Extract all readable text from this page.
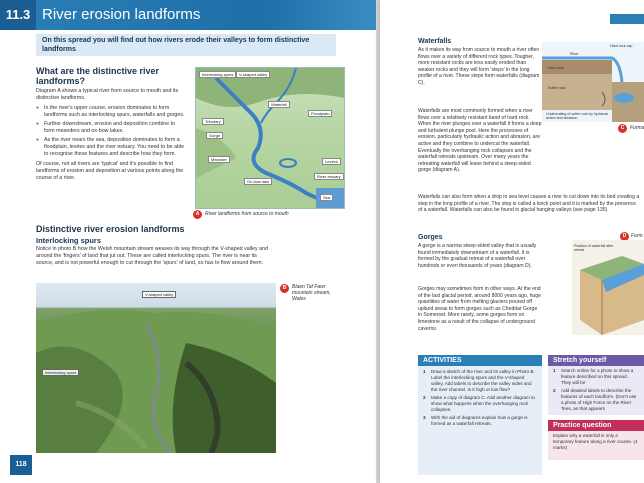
11.3 River erosion landforms
On this spread you will find out how rivers erode their valleys to form distinctive landforms
What are the distinctive river landforms?
Diagram A shows a typical river from source to mouth and its distinctive landforms.
● In the river's upper course, erosion dominates to form landforms such as interlocking spurs, waterfalls and gorges.
● Further downstream, erosion and deposition combine to form meanders and ox-bow lakes.
● As the river nears the sea, deposition dominates to form a floodplain, levées and the river estuary. You need to be able to recognise these features and describe how they form.
Of course, not all rivers are 'typical' and it's possible to find landforms of erosion and deposition at various points along the course of a river.
Interlocking spurs	V-shaped valley
Waterfall
Floodplain
Tributary
Gorge
Meander	Levées
Ox-bow lake
River estuary
Sea
A	River landforms from source to mouth
Distinctive river erosion landforms
Interlocking spurs
Notice in photo B how the Welsh mountain stream weaves its way through the V-shaped valley and around the 'fingers' of land that jut out. These are called interlocking spurs. The river is near its source, and is not powerful enough to cut through the 'spurs' of land, so has to flow around them.
V-shaped valley
Interlocking spurs
B	Blaen Taf Fawr mountain stream, Wales
118
Waterfalls
As it makes its way from source to mouth a river often flows over a variety of different rock types. Tougher, more resistant rocks are less easily eroded than weaker rocks and they will form 'steps' in the long profile of a river. These steps form waterfalls (diagram C).
Waterfalls are most commonly formed when a river flows over a relatively resistant band of hard rock. When the river plunges over a waterfall it forms a deep and turbulent plunge pool. Here the processes of erosion, particularly hydraulic action and abrasion, are active and they combine to undercut the waterfall. Eventually the overhanging rock collapses and the waterfall retreats upstream. Over many years the retreating waterfall will leave behind a steep-sided gorge (diagram A).
Waterfalls can also form when a drop in sea level causes a river to cut down into its bed creating a step in the long profile of a river. The step is called a knick point and it is marked by the presence of a waterfall. Waterfalls can also be found in glacial hanging valleys (see page 135).
Hard rock cap
River
Hard rock
Softer rock
Undercutting of softer rock by hydraulic action and abrasion
C	Forma
Gorges
A gorge is a narrow steep-sided valley that is usually found immediately downstream of a waterfall. It is formed by the gradual retreat of a waterfall over hundreds or even thousands of years (diagram D).
Gorges may sometimes form in other ways. At the end of the last glacial period, around 8000 years ago, huge quantities of water from melting glaciers poured off upland areas to form gorges such as Cheddar Gorge in Somerset. More rarely, some gorges form on limestone as a result of the collapse of underground caverns.
D Form
Position of waterfall after retreat
ACTIVITIES
1 Draw a sketch of the river and its valley in Photo B. Label the interlocking spurs and the V-shaped valley. Add labels to describe the valley sides and the river channel. Is it high or low flow?
2 Make a copy of diagram C. Add another diagram to show what happens when the overhanging rock collapses.
3 With the aid of diagrams explain how a gorge is formed as a waterfall retreats.
Stretch yourself
1 Search online for a photo to show a feature described on this spread. They will be
2 Add detailed labels to describe the features of each landform. (Don't use a photo of High Force on the River Tees, as that appears
Practice question
Explain why a waterfall is only a temporary feature along a river course. (4 marks)
